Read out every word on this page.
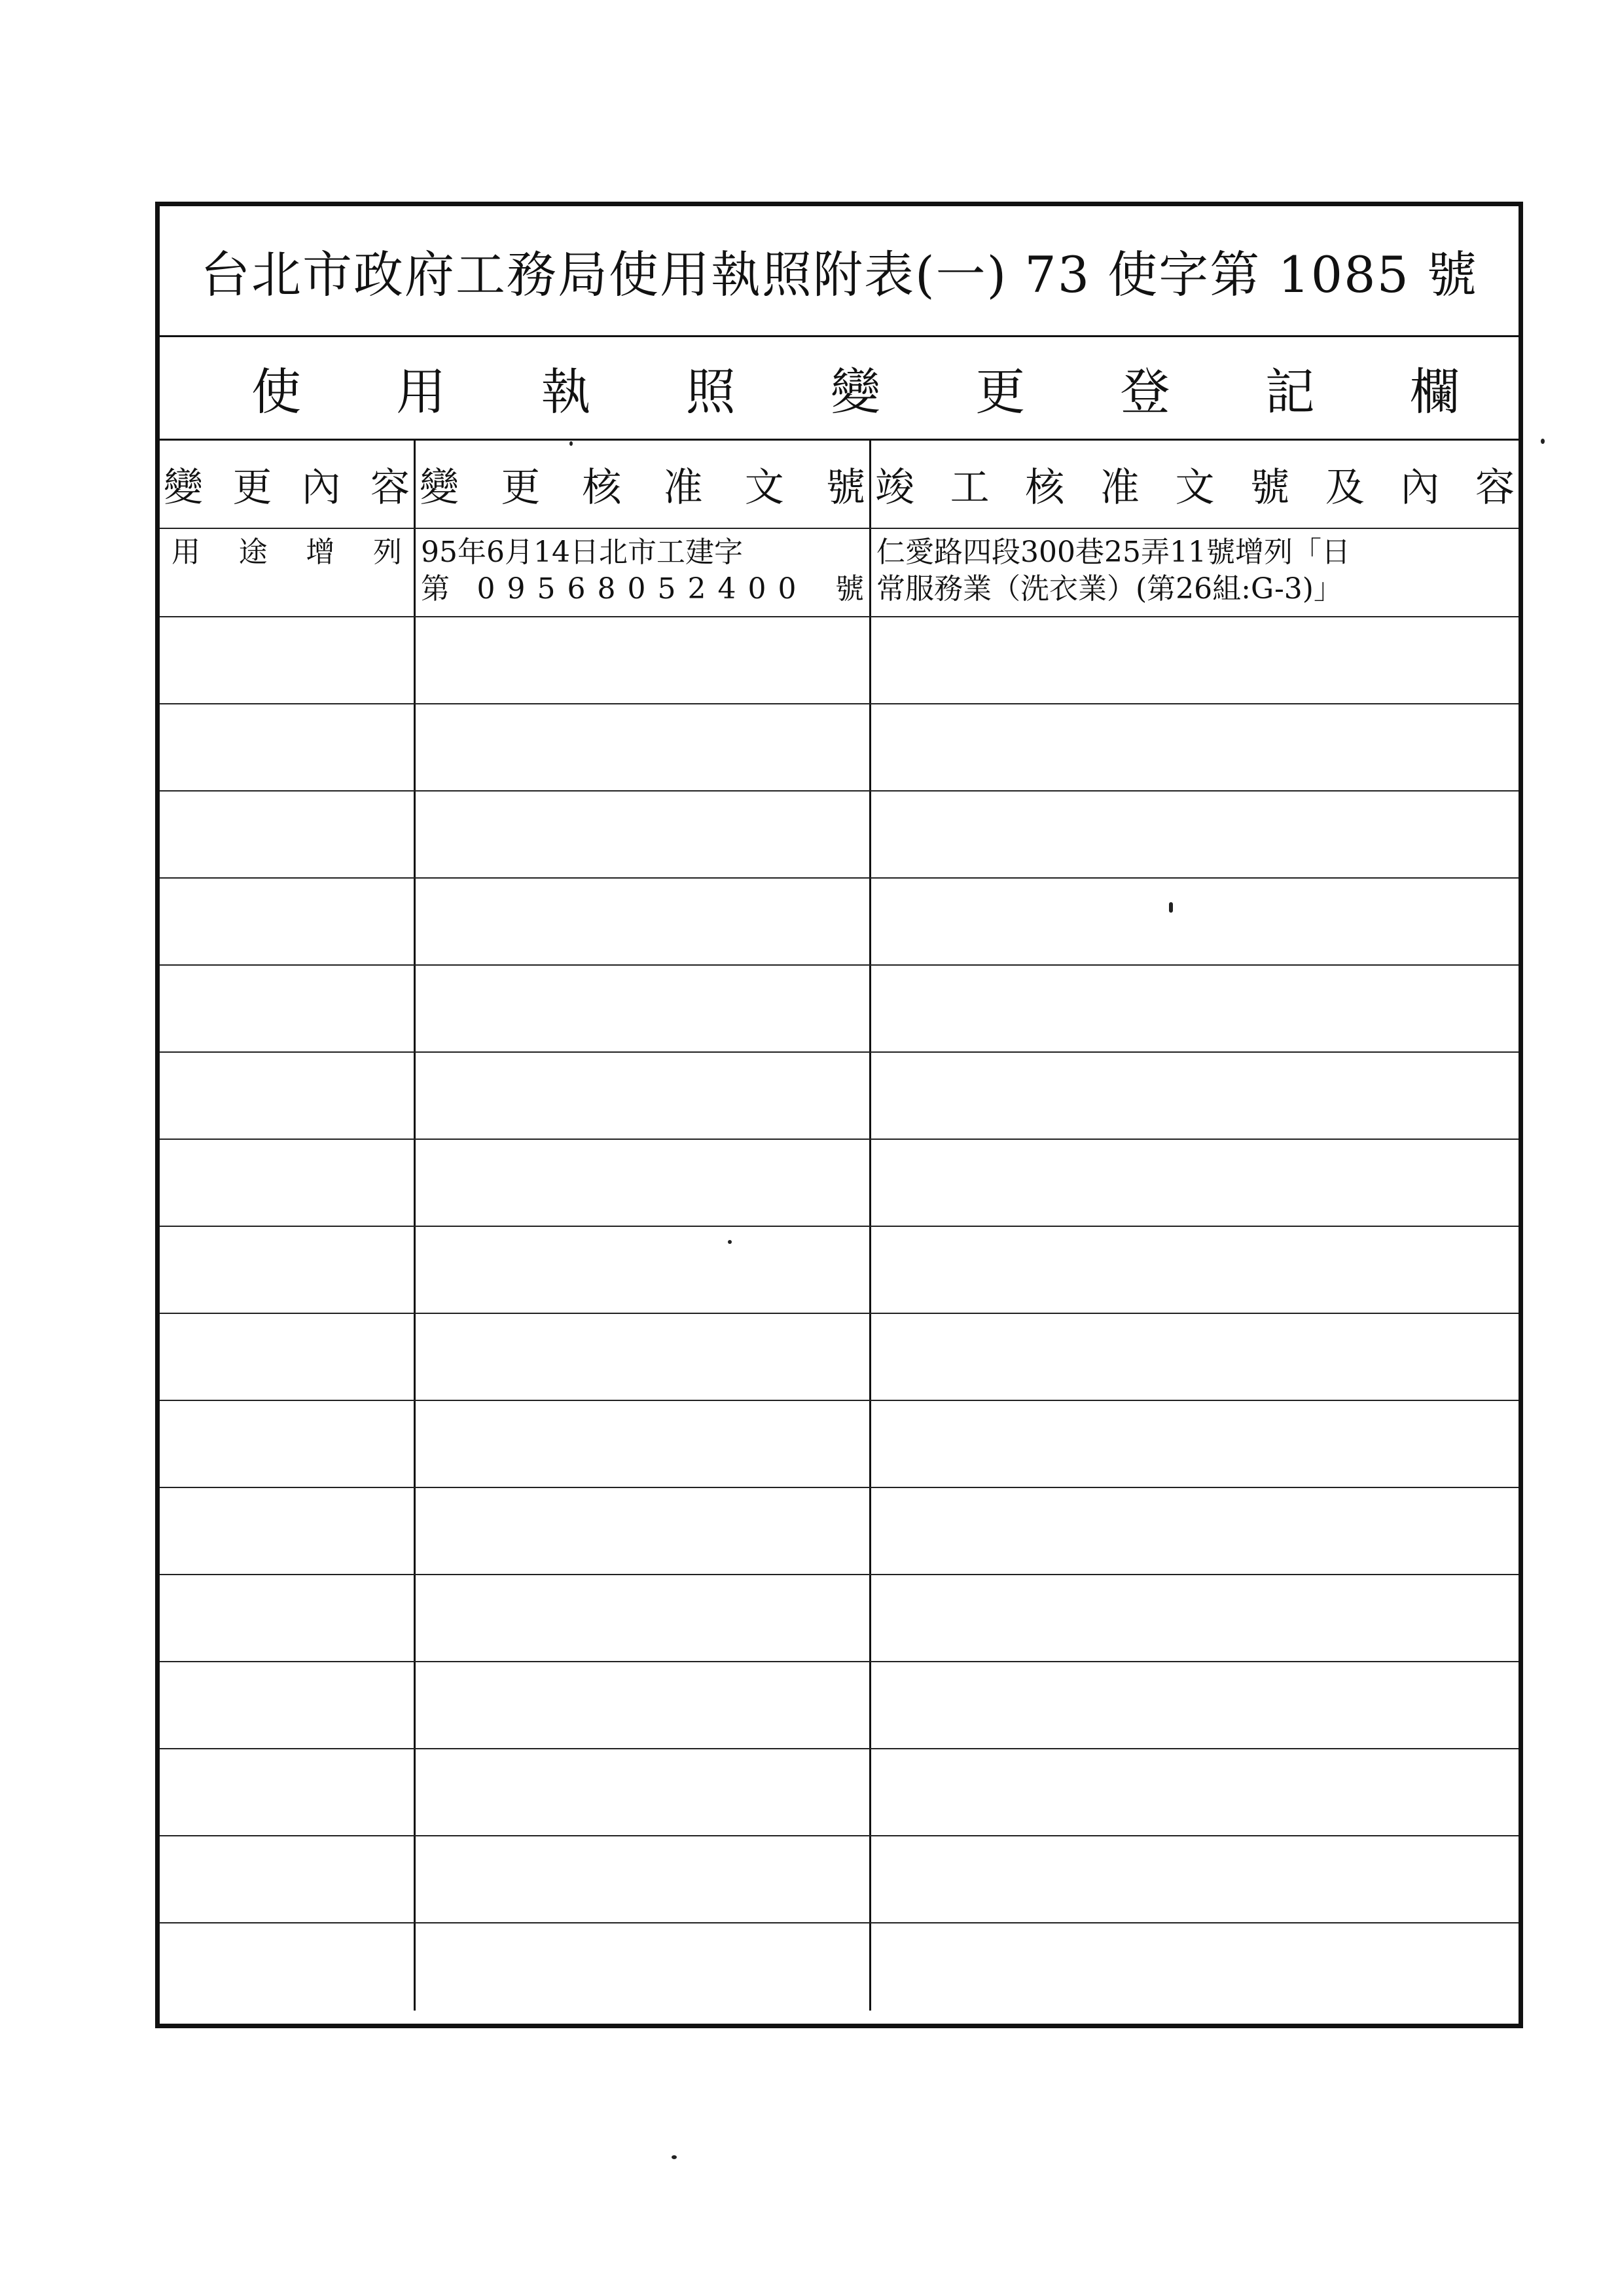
台北市政府工務局使用執照附表(一) 73 使字第 1085 號
使 用 執 照 變 更 登 記 欄
變 更 內 容 變 更 核 准 文 號 竣 工 核 准 文 號 及 內 容
用 途 增 列 95年6月14日北市工建字
第 09568052400 號
仁愛路四段300巷25弄11號增列「日
常服務業（洗衣業）(第26組:G-3)」
